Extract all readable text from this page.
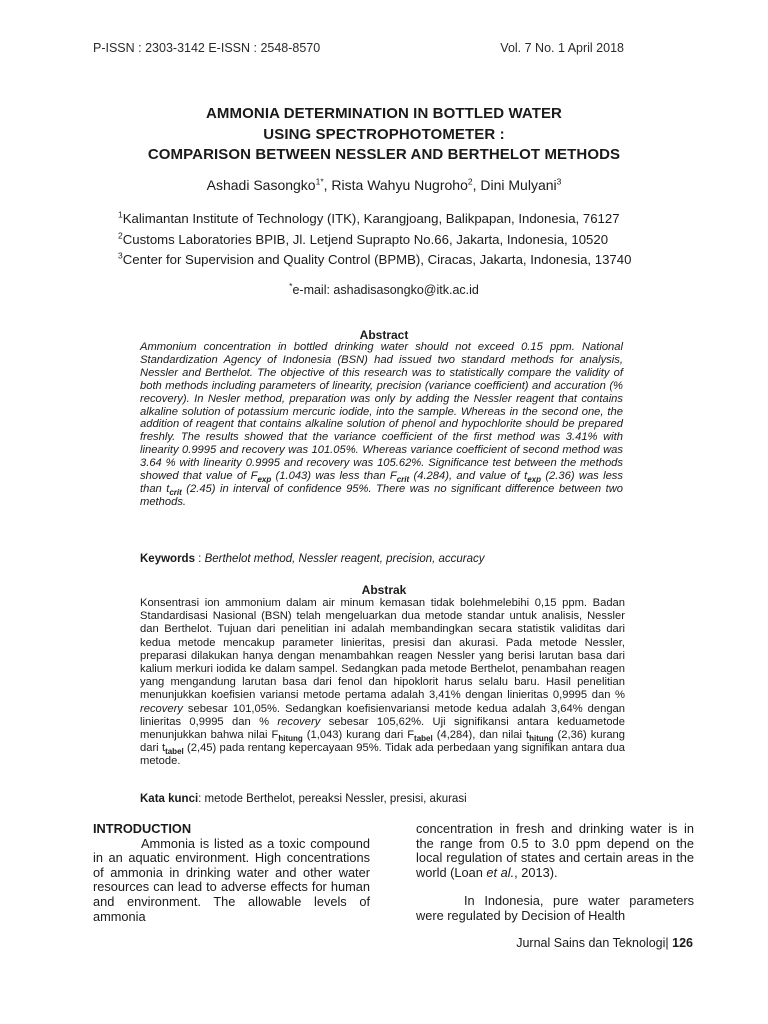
P-ISSN : 2303-3142 E-ISSN : 2548-8570	Vol. 7 No. 1 April 2018
AMMONIA DETERMINATION IN BOTTLED WATER
USING SPECTROPHOTOMETER :
COMPARISON BETWEEN NESSLER AND BERTHELOT METHODS
Ashadi Sasongko$^{1*}$, Rista Wahyu Nugroho$^2$, Dini Mulyani$^3$
$^1$Kalimantan Institute of Technology (ITK), Karangjoang, Balikpapan, Indonesia, 76127
$^2$Customs Laboratories BPIB, Jl. Letjend Suprapto No.66, Jakarta, Indonesia, 10520
$^3$Center for Supervision and Quality Control (BPMB), Ciracas, Jakarta, Indonesia, 13740
*e-mail: ashadisasongko@itk.ac.id
Abstract
Ammonium concentration in bottled drinking water should not exceed 0.15 ppm. National Standardization Agency of Indonesia (BSN) had issued two standard methods for analysis, Nessler and Berthelot. The objective of this research was to statistically compare the validity of both methods including parameters of linearity, precision (variance coefficient) and accuration (% recovery). In Nesler method, preparation was only by adding the Nessler reagent that contains alkaline solution of potassium mercuric iodide, into the sample. Whereas in the second one, the addition of reagent that contains alkaline solution of phenol and hypochlorite should be prepared freshly. The results showed that the variance coefficient of the first method was 3.41% with linearity 0.9995 and recovery was 101.05%. Whereas variance coefficient of second method was 3.64 % with linearity 0.9995 and recovery was 105.62%. Significance test between the methods showed that value of $F_{exp}$ (1.043) was less than $F_{crit}$ (4.284), and value of $t_{exp}$ (2.36) was less than $t_{crit}$ (2.45) in interval of confidence 95%. There was no significant difference between two methods.
Keywords : Berthelot method, Nessler reagent, precision, accuracy
Abstrak
Konsentrasi ion ammonium dalam air minum kemasan tidak bolehmelebihi 0,15 ppm. Badan Standardisasi Nasional (BSN) telah mengeluarkan dua metode standar untuk analisis, Nessler dan Berthelot. Tujuan dari penelitian ini adalah membandingkan secara statistik validitas dari kedua metode mencakup parameter linieritas, presisi dan akurasi. Pada metode Nessler, preparasi dilakukan hanya dengan menambahkan reagen Nessler yang berisi larutan basa dari kalium merkuri iodida ke dalam sampel. Sedangkan pada metode Berthelot, penambahan reagen yang mengandung larutan basa dari fenol dan hipoklorit harus selalu baru. Hasil penelitian menunjukkan koefisien variansi metode pertama adalah 3,41% dengan linieritas 0,9995 dan % recovery sebesar 101,05%. Sedangkan koefisienvariansi metode kedua adalah 3,64% dengan linieritas 0,9995 dan % recovery sebesar 105,62%. Uji signifikansi antara keduametode menunjukkan bahwa nilai $F_{hitung}$ (1,043) kurang dari $F_{tabel}$ (4,284), dan nilai $t_{hitung}$ (2,36) kurang dari $t_{tabel}$ (2,45) pada rentang kepercayaan 95%. Tidak ada perbedaan yang signifikan antara dua metode.
Kata kunci: metode Berthelot, pereaksi Nessler, presisi, akurasi
INTRODUCTION
Ammonia is listed as a toxic compound in an aquatic environment. High concentrations of ammonia in drinking water and other water resources can lead to adverse effects for human and environment. The allowable levels of ammonia
concentration in fresh and drinking water is in the range from 0.5 to 3.0 ppm depend on the local regulation of states and certain areas in the world (Loan et al., 2013).
In Indonesia, pure water parameters were regulated by Decision of Health
Jurnal Sains dan Teknologi| 126
